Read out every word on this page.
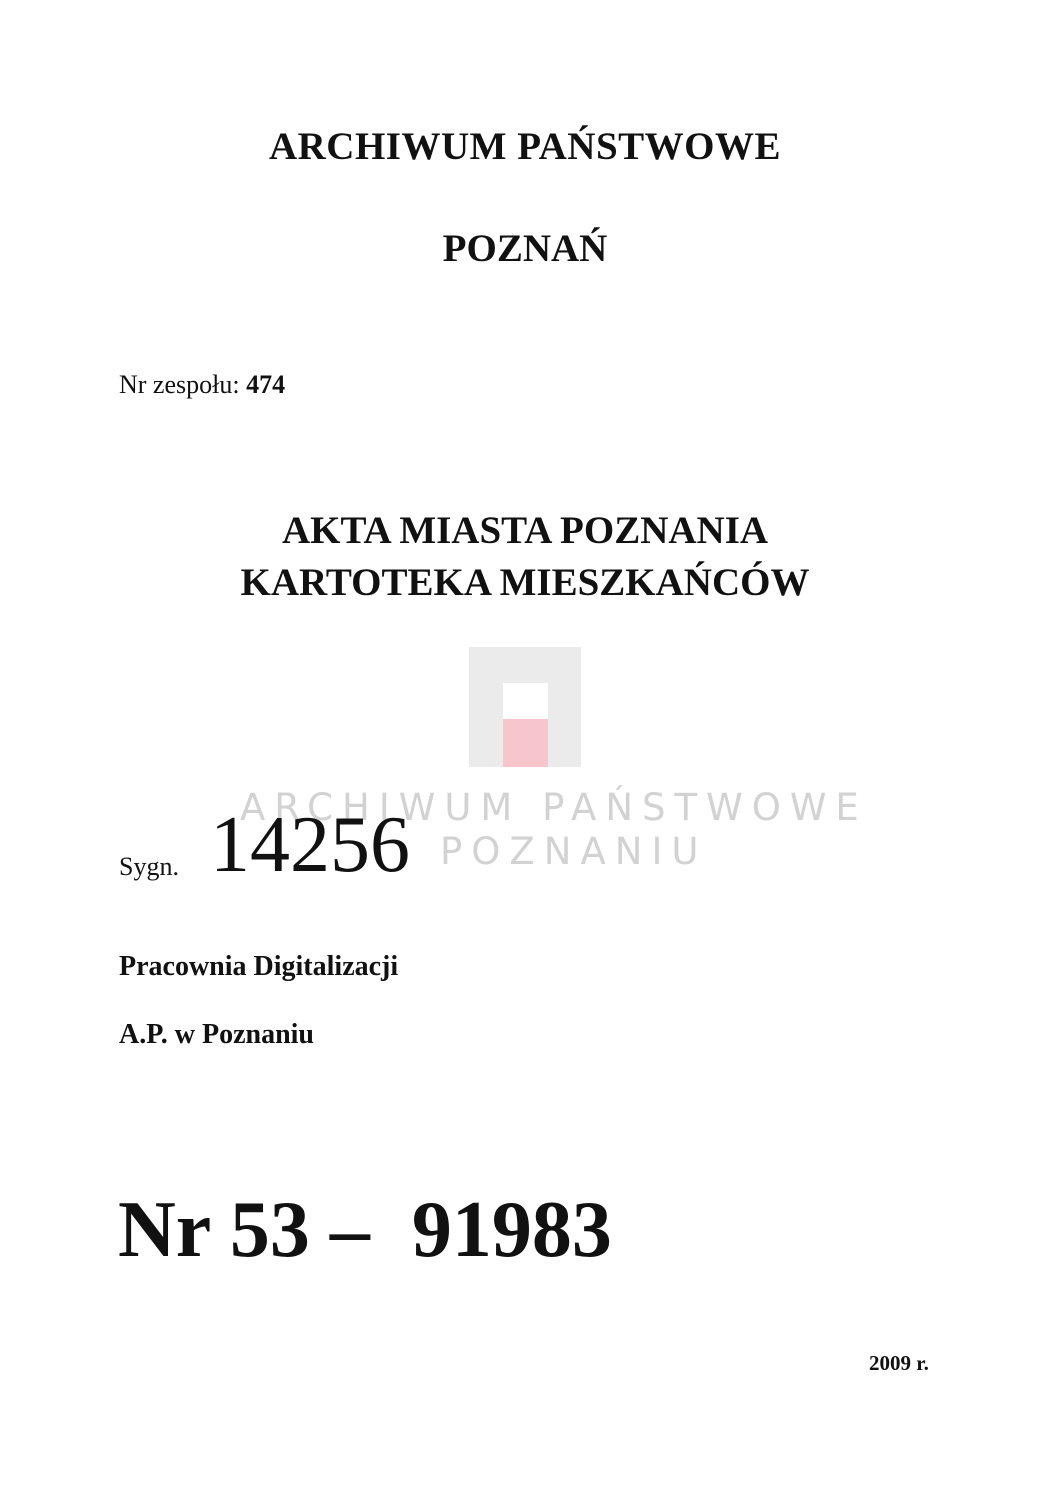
ARCHIWUM PAŃSTWOWE
POZNAŃ
Nr zespołu: 474
AKTA MIASTA POZNANIA
KARTOTEKA MIESZKAŃCÓW
ARCHIWUM PAŃSTWOWE
POZNANIU
Sygn. 14256
Pracownia Digitalizacji
A.P. w Poznaniu
Nr 53 – 91983
2009 r.
